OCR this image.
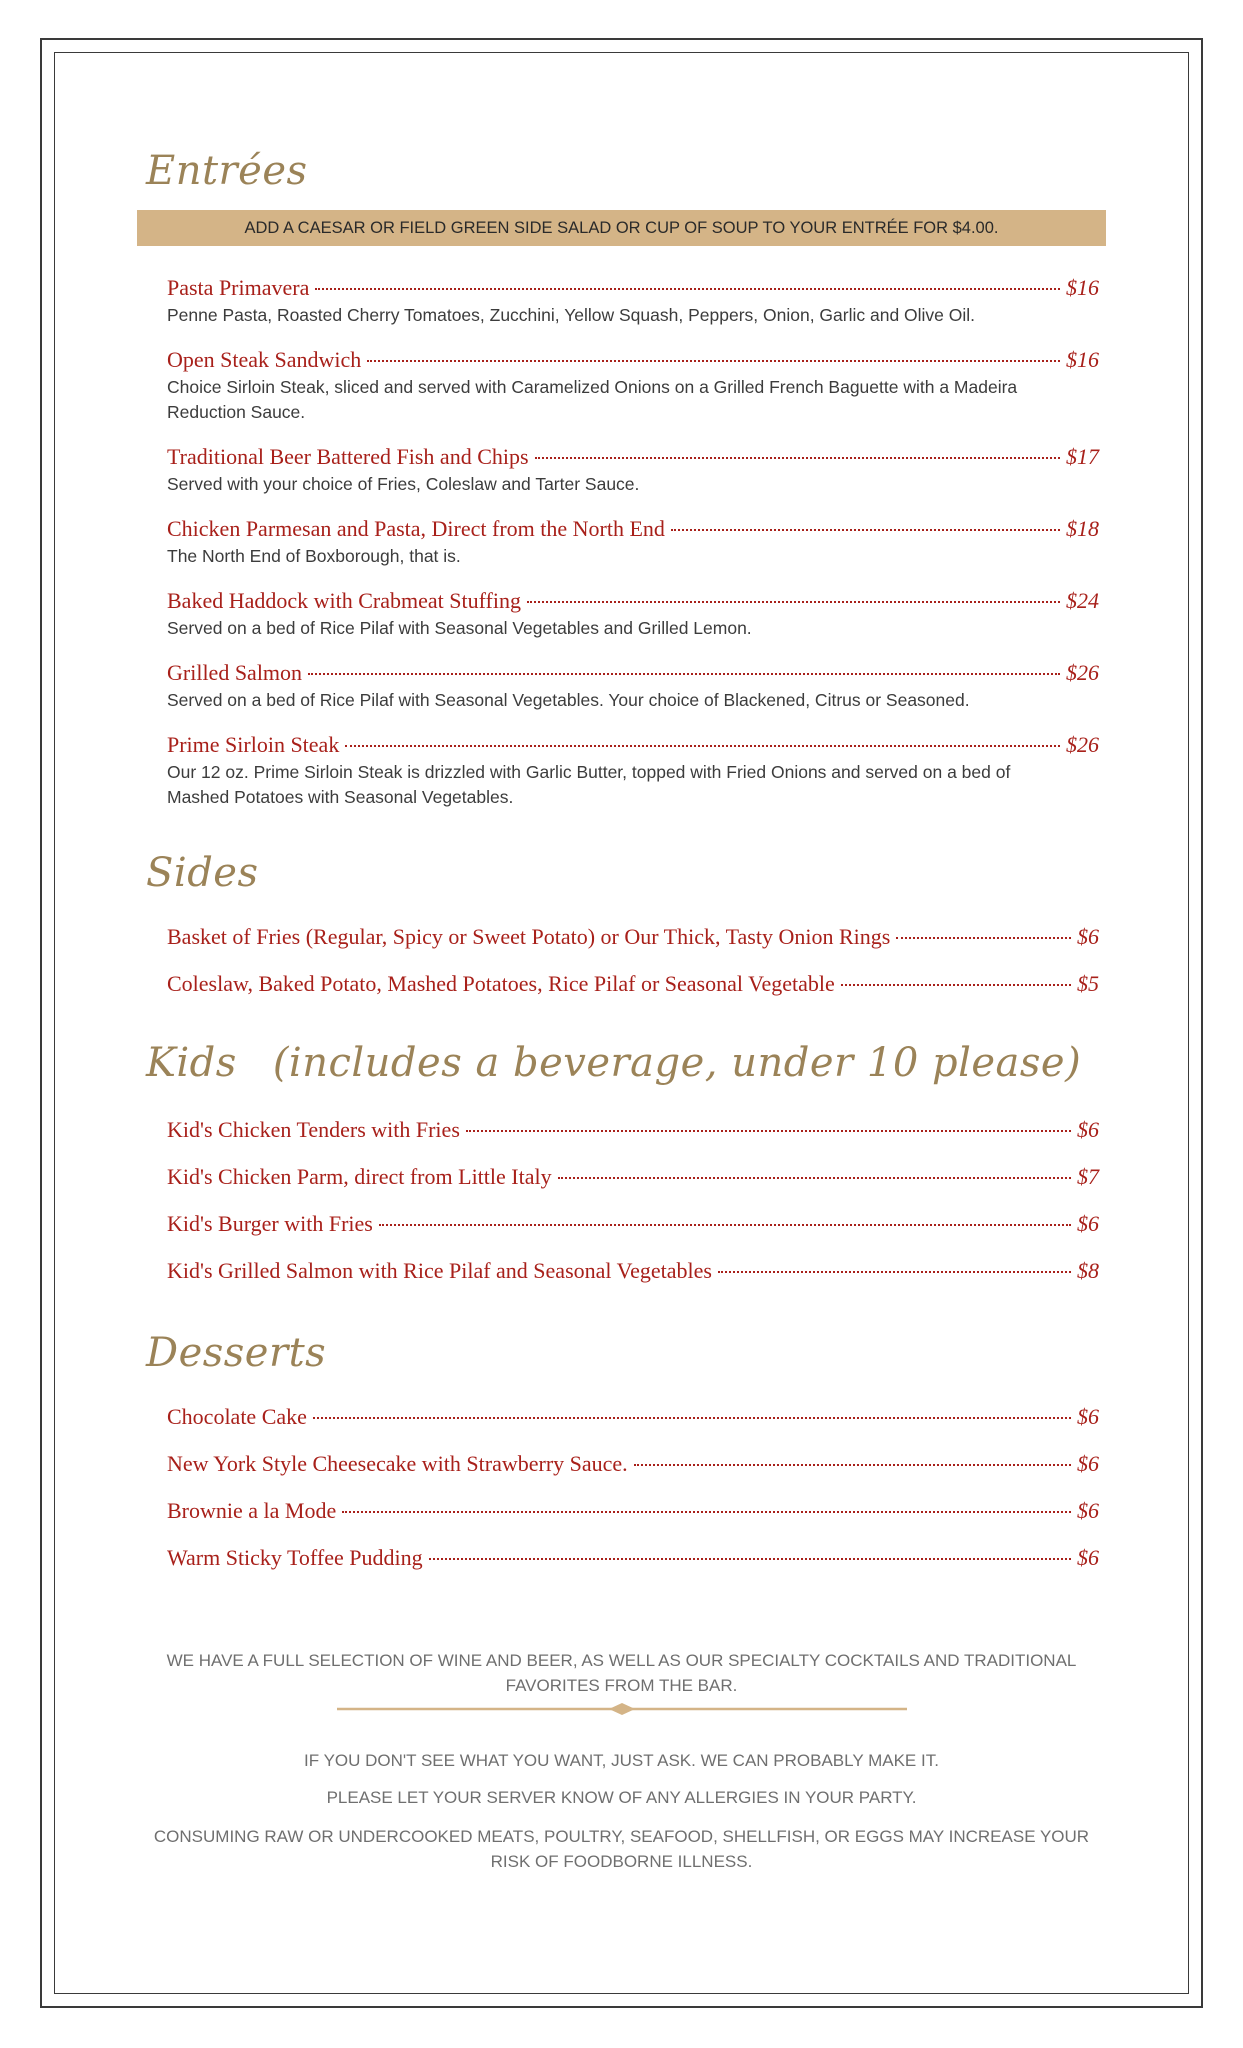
Entrées
ADD A CAESAR OR FIELD GREEN SIDE SALAD OR CUP OF SOUP TO YOUR ENTRÉE FOR $4.00.
Pasta Primavera	$16
Penne Pasta, Roasted Cherry Tomatoes, Zucchini, Yellow Squash, Peppers, Onion, Garlic and Olive Oil.
Open Steak Sandwich	$16
Choice Sirloin Steak, sliced and served with Caramelized Onions on a Grilled French Baguette with a Madeira Reduction Sauce.
Traditional Beer Battered Fish and Chips	$17
Served with your choice of Fries, Coleslaw and Tarter Sauce.
Chicken Parmesan and Pasta, Direct from the North End	$18
The North End of Boxborough, that is.
Baked Haddock with Crabmeat Stuffing	$24
Served on a bed of Rice Pilaf with Seasonal Vegetables and Grilled Lemon.
Grilled Salmon	$26
Served on a bed of Rice Pilaf with Seasonal Vegetables. Your choice of Blackened, Citrus or Seasoned.
Prime Sirloin Steak	$26
Our 12 oz. Prime Sirloin Steak is drizzled with Garlic Butter, topped with Fried Onions and served on a bed of Mashed Potatoes with Seasonal Vegetables.
Sides
Basket of Fries (Regular, Spicy or Sweet Potato) or Our Thick, Tasty Onion Rings	$6
Coleslaw, Baked Potato, Mashed Potatoes, Rice Pilaf or Seasonal Vegetable	$5
Kids (includes a beverage, under 10 please)
Kid's Chicken Tenders with Fries	$6
Kid's Chicken Parm, direct from Little Italy	$7
Kid's Burger with Fries	$6
Kid's Grilled Salmon with Rice Pilaf and Seasonal Vegetables	$8
Desserts
Chocolate Cake	$6
New York Style Cheesecake with Strawberry Sauce.	$6
Brownie a la Mode	$6
Warm Sticky Toffee Pudding	$6

WE HAVE A FULL SELECTION OF WINE AND BEER, AS WELL AS OUR SPECIALTY COCKTAILS AND TRADITIONAL FAVORITES FROM THE BAR.

IF YOU DON'T SEE WHAT YOU WANT, JUST ASK. WE CAN PROBABLY MAKE IT.

PLEASE LET YOUR SERVER KNOW OF ANY ALLERGIES IN YOUR PARTY.

CONSUMING RAW OR UNDERCOOKED MEATS, POULTRY, SEAFOOD, SHELLFISH, OR EGGS MAY INCREASE YOUR RISK OF FOODBORNE ILLNESS.
